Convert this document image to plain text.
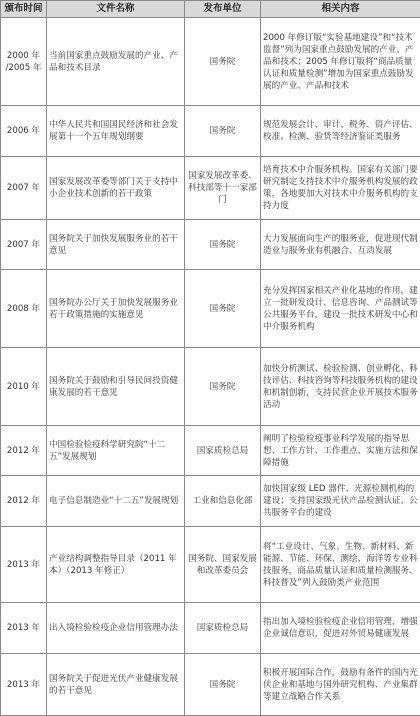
颁布时间	文件名称	发布单位	相关内容
2000 年 /2005 年	当前国家重点鼓励发展的产业、产品和技术目录	国务院	2000 年修订版“实验基地建设”和“技术监督”列为国家重点鼓励发展的产业、产品和技术；2005 年修订版将“商品质量认证和质量检测”增加为国家重点鼓励发展的产业、产品和技术
2006 年	中华人民共和国国民经济和社会发展第十一个五年规划纲要	国务院	规范发展会计、审计、税务、资产评估、校准、检测、验货等经济鉴证类服务
2007 年	国家发展改革委等部门关于支持中小企业技术创新的若干政策	国家发展改革委、科技部等十一家部门	培育技术中介服务机构。国家有关部门要研究制定支持技术中介服务机构发展的政策，各地要加大对技术中介服务机构的支持力度
2007 年	国务院关于加快发展服务业的若干意见	国务院	大力发展面向生产的服务业，促进现代制造业与服务业有机融合、互动发展
2008 年	国务院办公厅关于加快发展服务业若干政策措施的实施意见	国务院	充分发挥国家相关产业化基地的作用，建立一批研发设计、信息咨询、产品测试等公共服务平台，建设一批技术研发中心和中介服务机构
2010 年	国务院关于鼓励和引导民间投资健康发展的若干意见	国务院	加快分析测试、检验检测、创业孵化、科技评估、科技咨询等科技服务机构的建设和机制创新，支持民营企业开展技术服务活动
2012 年	中国检验检疫科学研究院“十二五”发展规划	国家质检总局	阐明了检验检疫事业科学发展的指导思想、工作方针、工作重点、实施方法和保障措施
2012 年	电子信息制造业“十二五”发展规划	工业和信息化部	加快国家级 LED 器件、光源检测机构的建设；支持国家级光伏产品检测认证、公共服务平台的建设
2013 年	产业结构调整指导目录（2011 年本）（2013 年修正）	国务院、国家发展和改革委员会	将“工业设计、气象、生物、新材料、新能源、节能、环保、测绘、海洋等专业科技服务，商品质量认证和质量检测服务、科技普及”列入鼓励类产业范围
2013 年	出入境检验检疫企业信用管理办法	国家质检总局	指出加入境检验检疫企业信用管理，增强企业诚信意识，促进对外贸易健康发展
2013 年	国务院关于促进光伏产业健康发展的若干意见	国务院	积极开展国际合作，鼓励有条件的国内光伏企业和基地与国外研究机构、产业集群等建立战略合作关系
